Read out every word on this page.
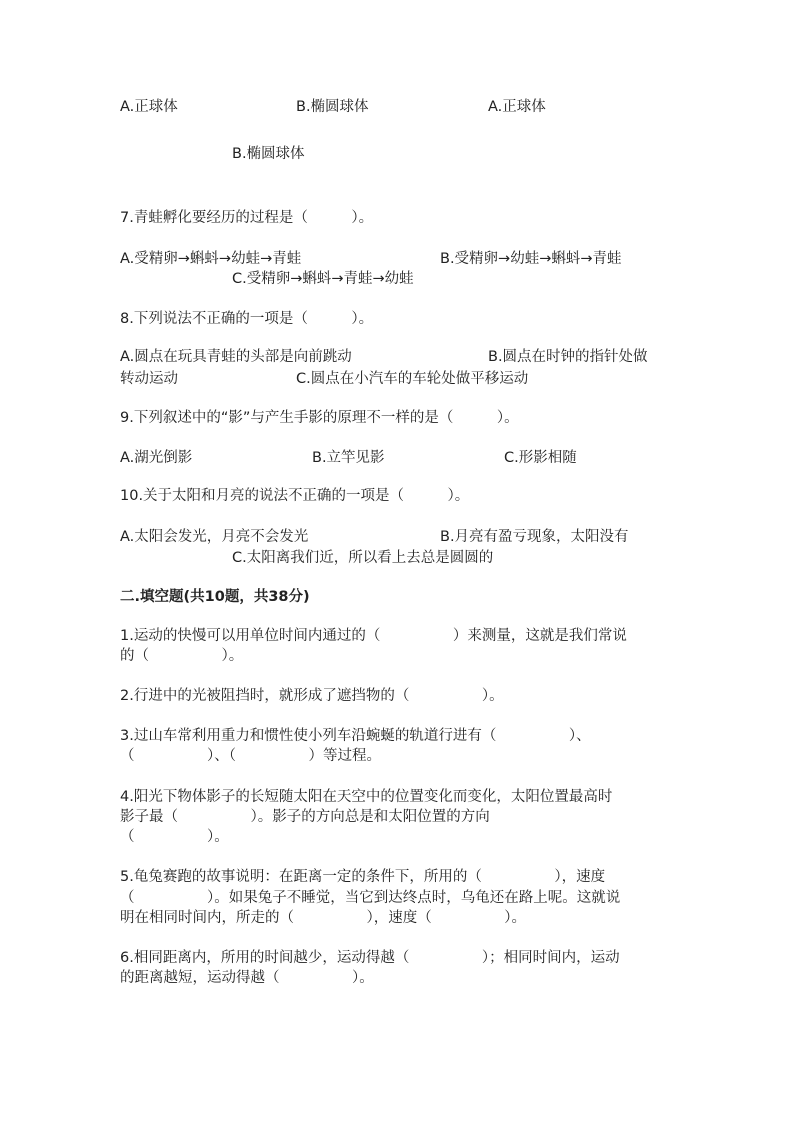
A.正球体	B.椭圆球体	A.正球体
B.椭圆球体
7.青蛙孵化要经历的过程是（　　　）。
A.受精卵→蝌蚪→幼蛙→青蛙	B.受精卵→幼蛙→蝌蚪→青蛙
C.受精卵→蝌蚪→青蛙→幼蛙
8.下列说法不正确的一项是（　　　）。
A.圆点在玩具青蛙的头部是向前跳动	B.圆点在时钟的指针处做
转动运动	C.圆点在小汽车的车轮处做平移运动
9.下列叙述中的“影”与产生手影的原理不一样的是（　　　）。
A.湖光倒影	B.立竿见影	C.形影相随
10.关于太阳和月亮的说法不正确的一项是（　　　）。
A.太阳会发光，月亮不会发光	B.月亮有盈亏现象，太阳没有
C.太阳离我们近，所以看上去总是圆圆的
二.填空题(共10题，共38分)
1.运动的快慢可以用单位时间内通过的（　　　　　）来测量，这就是我们常说
的（　　　　　）。
2.行进中的光被阻挡时，就形成了遮挡物的（　　　　　）。
3.过山车常利用重力和惯性使小列车沿蜿蜒的轨道行进有（　　　　　）、
（　　　　　）、（　　　　　）等过程。
4.阳光下物体影子的长短随太阳在天空中的位置变化而变化，太阳位置最高时
影子最（　　　　　）。影子的方向总是和太阳位置的方向
（　　　　　）。
5.龟兔赛跑的故事说明：在距离一定的条件下，所用的（　　　　　），速度
（　　　　　）。如果兔子不睡觉，当它到达终点时，乌龟还在路上呢。这就说
明在相同时间内，所走的（　　　　　），速度（　　　　　）。
6.相同距离内，所用的时间越少，运动得越（　　　　　）；相同时间内，运动
的距离越短，运动得越（　　　　　）。
